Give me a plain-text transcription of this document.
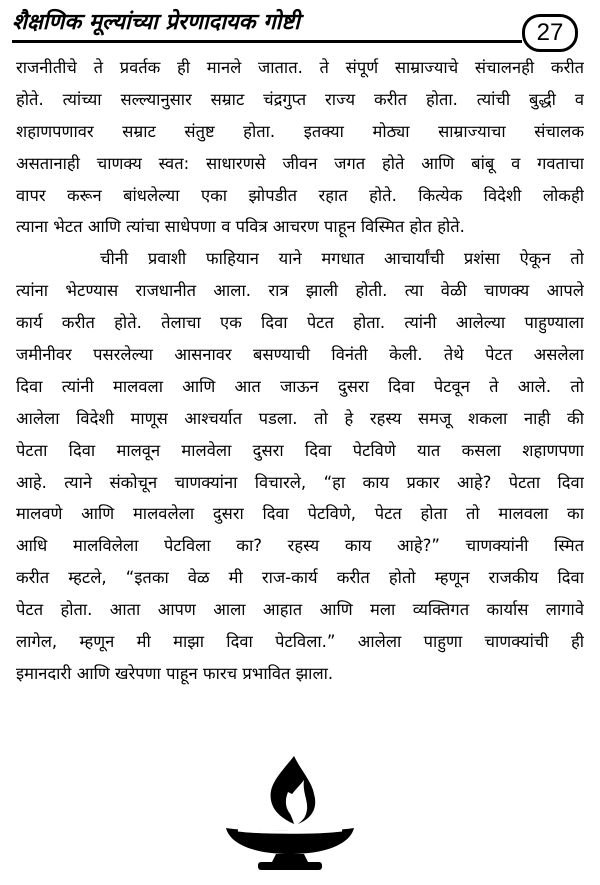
शैक्षणिक मूल्यांच्या प्रेरणादायक गोष्टी	27
राजनीतीचे ते प्रवर्तक ही मानले जातात. ते संपूर्ण साम्राज्याचे संचालनही करीत
होते. त्यांच्या सल्ल्यानुसार सम्राट चंद्रगुप्त राज्य करीत होता. त्यांची बुद्धी व
शहाणपणावर सम्राट संतुष्ट होता. इतक्या मोठ्या साम्राज्याचा संचालक
असतानाही चाणक्य स्वत: साधारणसे जीवन जगत होते आणि बांबू व गवताचा
वापर करून बांधलेल्या एका झोपडीत रहात होते. कित्येक विदेशी लोकही
त्याना भेटत आणि त्यांचा साधेपणा व पवित्र आचरण पाहून विस्मित होत होते.
चीनी प्रवाशी फाहियान याने मगधात आचार्यांची प्रशंसा ऐकून तो
त्यांना भेटण्यास राजधानीत आला. रात्र झाली होती. त्या वेळी चाणक्य आपले
कार्य करीत होते. तेलाचा एक दिवा पेटत होता. त्यांनी आलेल्या पाहुण्याला
जमीनीवर पसरलेल्या आसनावर बसण्याची विनंती केली. तेथे पेटत असलेला
दिवा त्यांनी मालवला आणि आत जाऊन दुसरा दिवा पेटवून ते आले. तो
आलेला विदेशी माणूस आश्चर्यात पडला. तो हे रहस्य समजू शकला नाही की
पेटता दिवा मालवून मालवेला दुसरा दिवा पेटविणे यात कसला शहाणपणा
आहे. त्याने संकोचून चाणक्यांना विचारले, “हा काय प्रकार आहे? पेटता दिवा
मालवणे आणि मालवलेला दुसरा दिवा पेटविणे, पेटत होता तो मालवला का
आधि मालविलेला पेटविला का? रहस्य काय आहे?” चाणक्यांनी स्मित
करीत म्हटले, “इतका वेळ मी राज-कार्य करीत होतो म्हणून राजकीय दिवा
पेटत होता. आता आपण आला आहात आणि मला व्यक्तिगत कार्यास लागावे
लागेल, म्हणून मी माझा दिवा पेटविला.” आलेला पाहुणा चाणक्यांची ही
इमानदारी आणि खरेपणा पाहून फारच प्रभावित झाला.
